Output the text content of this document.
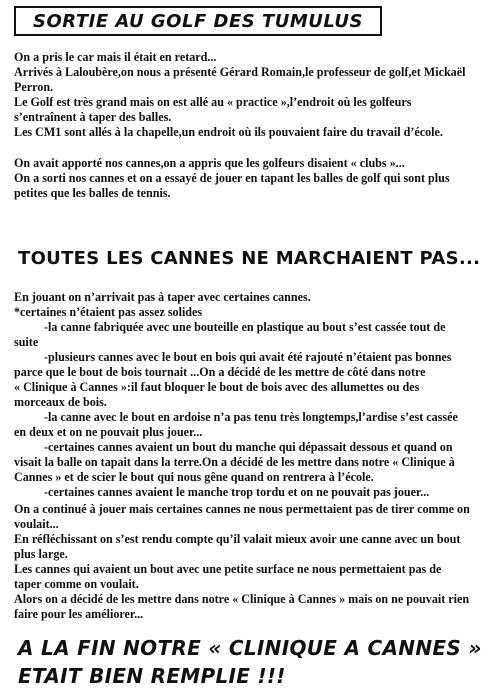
SORTIE AU GOLF DES TUMULUS
On a pris le car mais il était en retard...
Arrivés à Laloubère,on nous a présenté Gérard Romain,le professeur de golf,et Mickaël
Perron.
Le Golf est très grand mais on est allé au « practice »,l’endroit où les golfeurs
s’entraînent à taper des balles.
Les CM1 sont allés à la chapelle,un endroit où ils pouvaient faire du travail d’école.
On avait apporté nos cannes,on a appris que les golfeurs disaient « clubs »...
On a sorti nos cannes et on a essayé de jouer en tapant les balles de golf qui sont plus
petites que les balles de tennis.
TOUTES LES CANNES NE MARCHAIENT PAS...
En jouant on n’arrivait pas à taper avec certaines cannes.
*certaines n’étaient pas assez solides
-la canne fabriquée avec une bouteille en plastique au bout s’est cassée tout de
suite
-plusieurs cannes avec le bout en bois qui avait été rajouté n’étaient pas bonnes
parce que le bout de bois tournait ...On a décidé de les mettre de côté dans notre
« Clinique à Cannes »:il faut bloquer le bout de bois avec des allumettes ou des
morceaux de bois.
-la canne avec le bout en ardoise n’a pas tenu très longtemps,l’ardise s’est cassée
en deux et on ne pouvait plus jouer...
-certaines cannes avaient un bout du manche qui dépassait dessous et quand on
visait la balle on tapait dans la terre.On a décidé de les mettre dans notre « Clinique à
Cannes » et de scier le bout qui nous gêne quand on rentrera à l’école.
-certaines cannes avaient le manche trop tordu et on ne pouvait pas jouer...
On a continué à jouer mais certaines cannes ne nous permettaient pas de tirer comme on
voulait...
En réfléchissant on s’est rendu compte qu’il valait mieux avoir une canne avec un bout
plus large.
Les cannes qui avaient un bout avec une petite surface ne nous permettaient pas de
taper comme on voulait.
Alors on a décidé de les mettre dans notre « Clinique à Cannes » mais on ne pouvait rien
faire pour les améliorer...
A LA FIN NOTRE « CLINIQUE A CANNES »
ETAIT BIEN REMPLIE !!!
